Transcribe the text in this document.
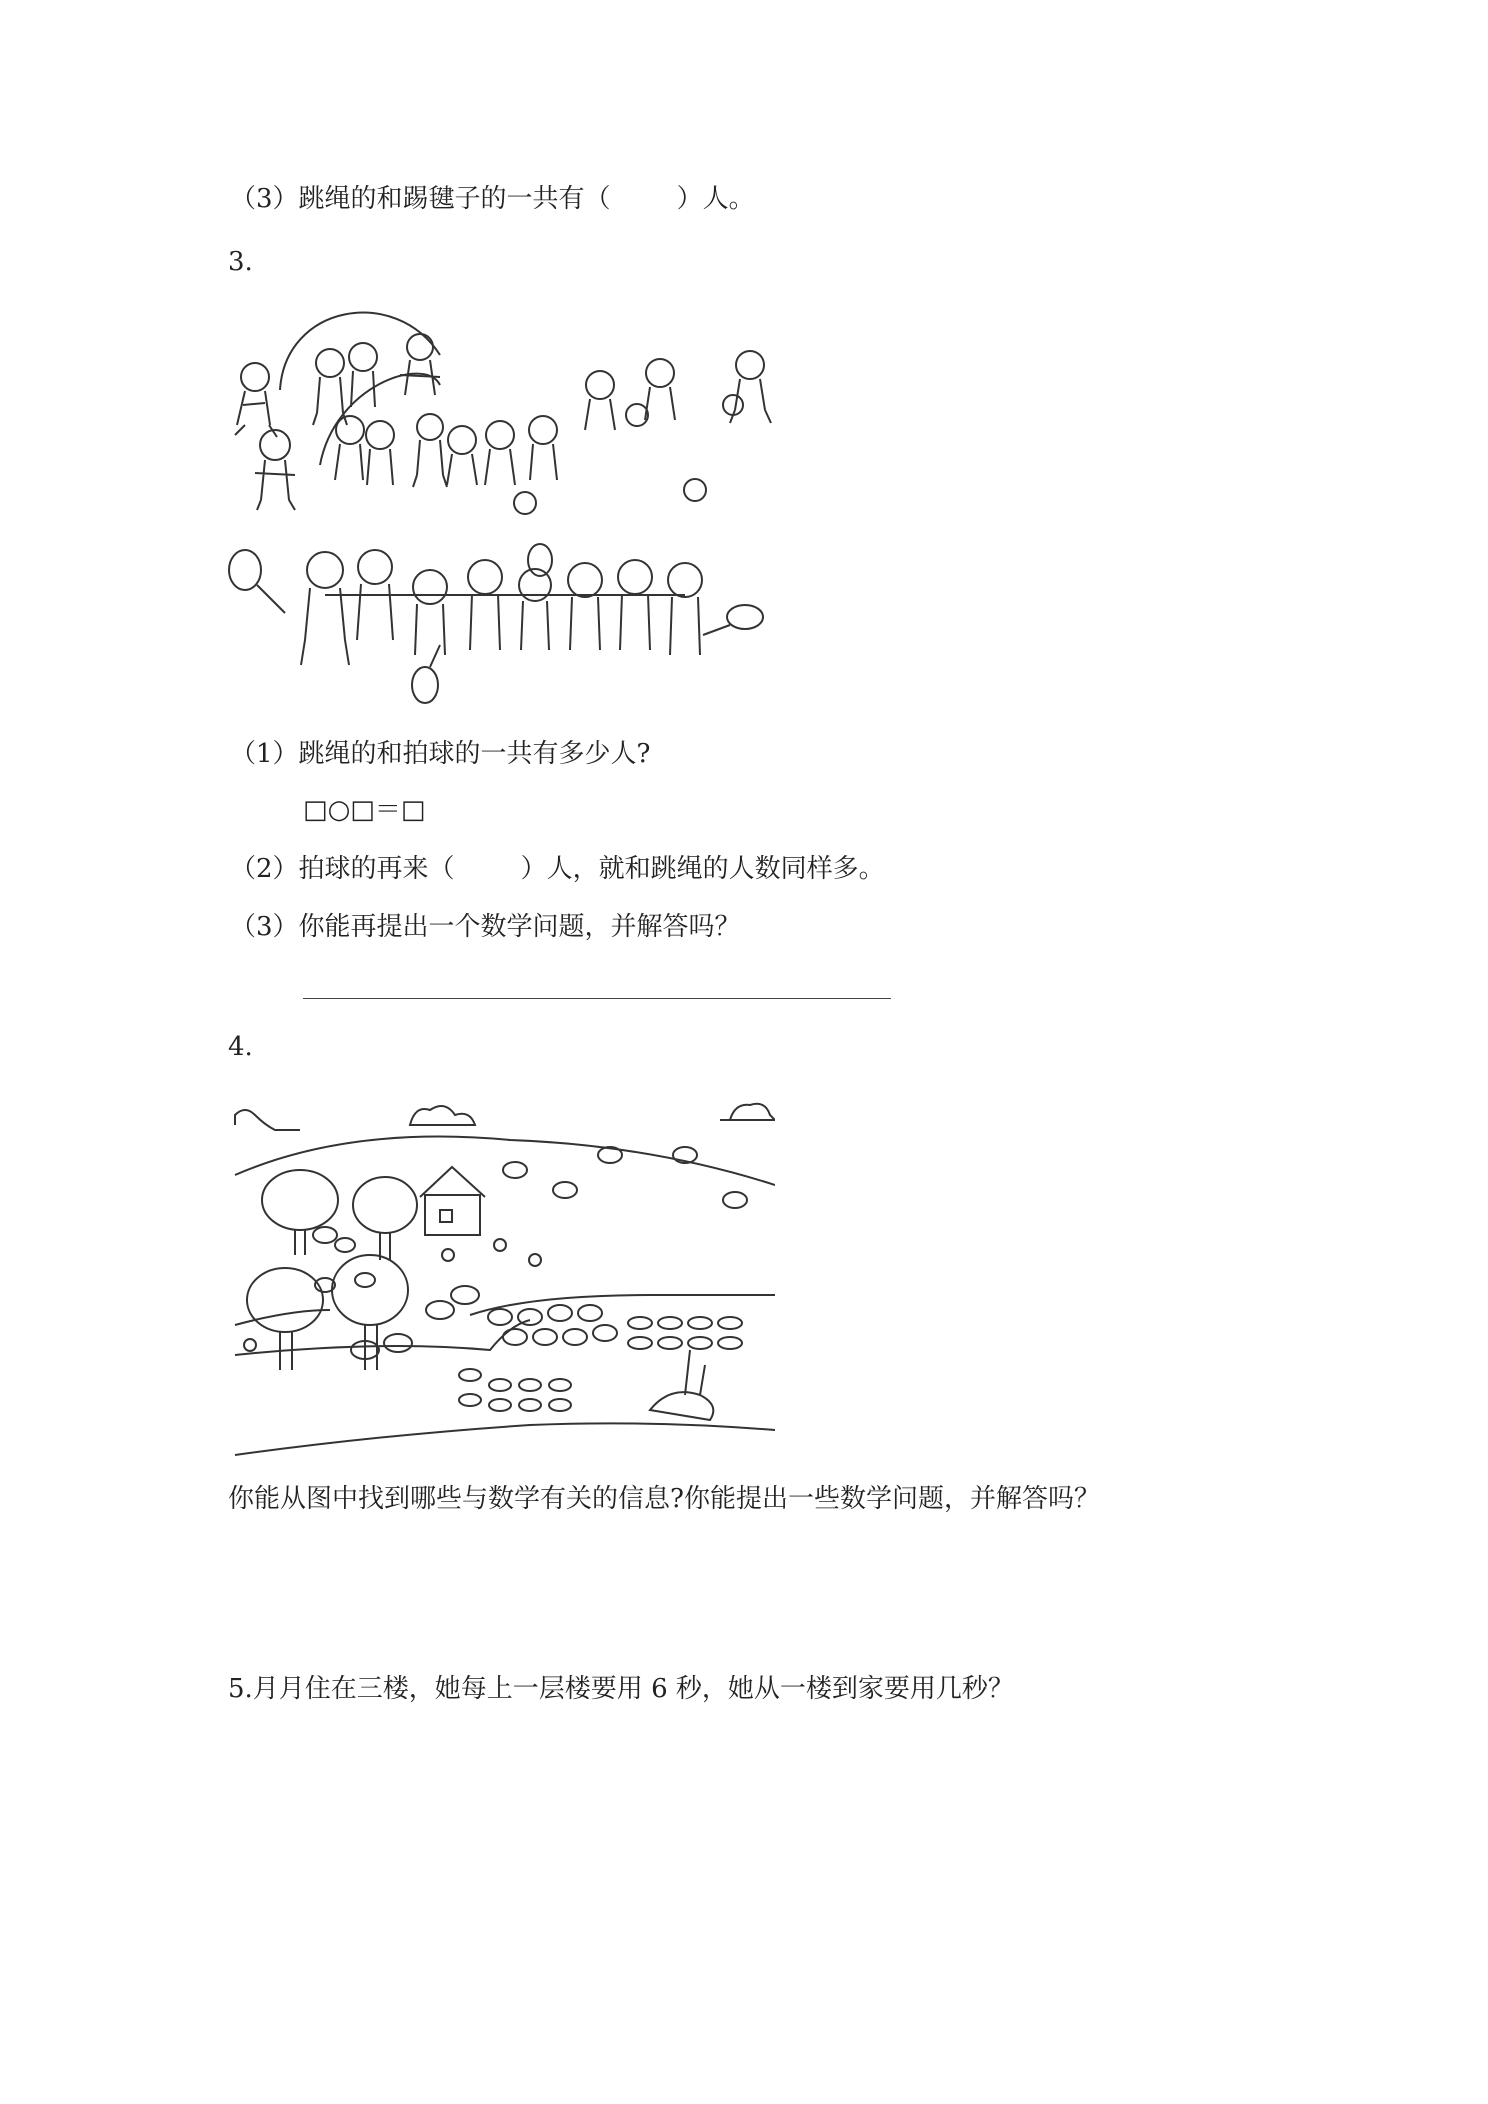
（3）跳绳的和踢毽子的一共有（        ）人。
3.
（1）跳绳的和拍球的一共有多少人?
□○□＝□
（2）拍球的再来（        ）人，就和跳绳的人数同样多。
（3）你能再提出一个数学问题，并解答吗？
4.
你能从图中找到哪些与数学有关的信息?你能提出一些数学问题，并解答吗？
5.月月住在三楼，她每上一层楼要用 6 秒，她从一楼到家要用几秒？
